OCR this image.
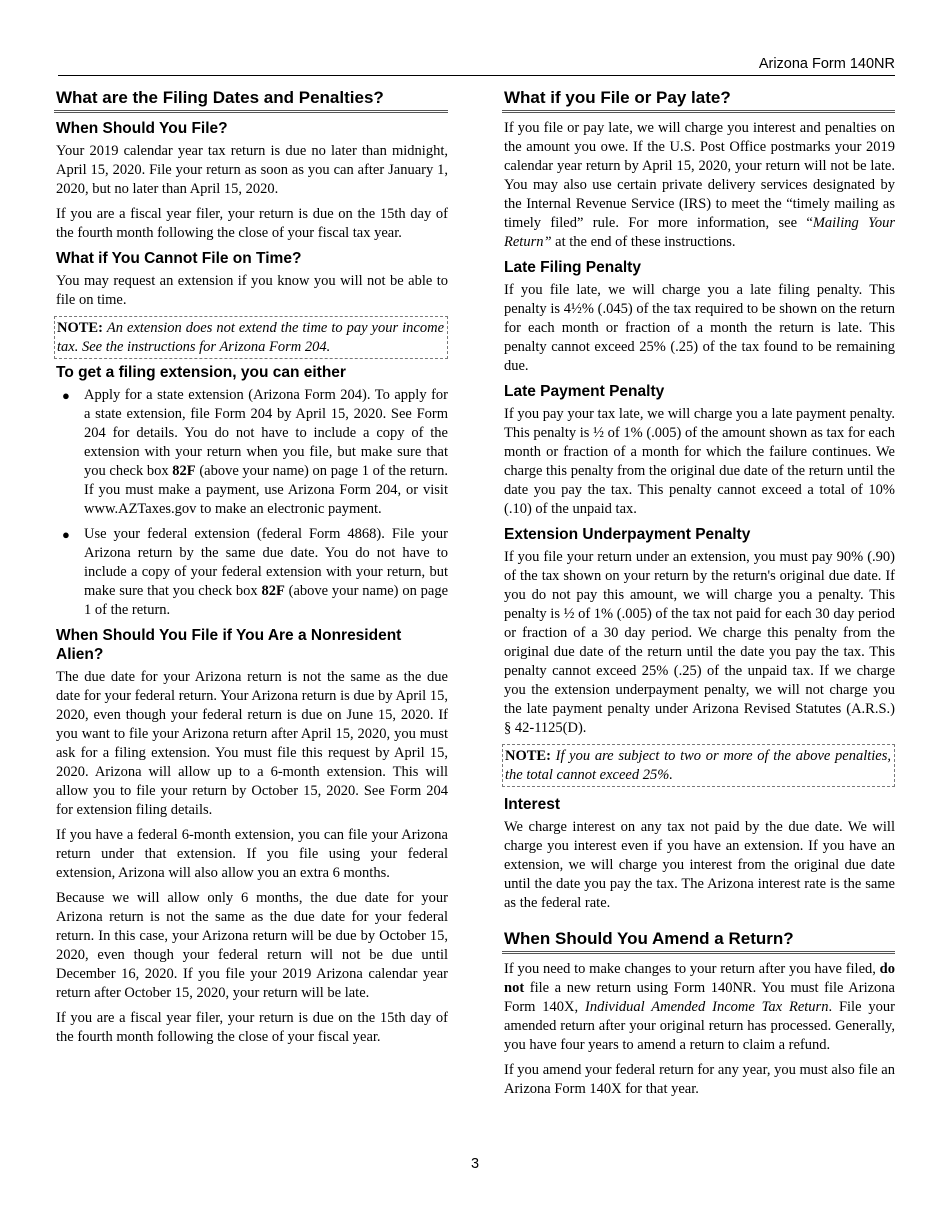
Arizona Form 140NR
What are the Filing Dates and Penalties?
When Should You File?

Your 2019 calendar year tax return is due no later than midnight, April 15, 2020. File your return as soon as you can after January 1, 2020, but no later than April 15, 2020.

If you are a fiscal year filer, your return is due on the 15th day of the fourth month following the close of your fiscal tax year.

What if You Cannot File on Time?

You may request an extension if you know you will not be able to file on time.

NOTE: An extension does not extend the time to pay your income tax. See the instructions for Arizona Form 204.
To get a filing extension, you can either
● Apply for a state extension (Arizona Form 204). To apply for a state extension, file Form 204 by April 15, 2020. See Form 204 for details. You do not have to include a copy of the extension with your return when you file, but make sure that you check box 82F (above your name) on page 1 of the return. If you must make a payment, use Arizona Form 204, or visit www.AZTaxes.gov to make an electronic payment.
● Use your federal extension (federal Form 4868). File your Arizona return by the same due date. You do not have to include a copy of your federal extension with your return, but make sure that you check box 82F (above your name) on page 1 of the return.
When Should You File if You Are a Nonresident Alien?

The due date for your Arizona return is not the same as the due date for your federal return. Your Arizona return is due by April 15, 2020, even though your federal return is due on June 15, 2020. If you want to file your Arizona return after April 15, 2020, you must ask for a filing extension. You must file this request by April 15, 2020. Arizona will allow up to a 6-month extension. This will allow you to file your return by October 15, 2020. See Form 204 for extension filing details.

If you have a federal 6-month extension, you can file your Arizona return under that extension. If you file using your federal extension, Arizona will also allow you an extra 6 months.

Because we will allow only 6 months, the due date for your Arizona return is not the same as the due date for your federal return. In this case, your Arizona return will be due by October 15, 2020, even though your federal return will not be due until December 16, 2020. If you file your 2019 Arizona calendar year return after October 15, 2020, your return will be late.

If you are a fiscal year filer, your return is due on the 15th day of the fourth month following the close of your fiscal year.

What if you File or Pay late?

If you file or pay late, we will charge you interest and penalties on the amount you owe. If the U.S. Post Office postmarks your 2019 calendar year return by April 15, 2020, your return will not be late. You may also use certain private delivery services designated by the Internal Revenue Service (IRS) to meet the “timely mailing as timely filed” rule. For more information, see “Mailing Your Return” at the end of these instructions.

Late Filing Penalty

If you file late, we will charge you a late filing penalty. This penalty is 4½% (.045) of the tax required to be shown on the return for each month or fraction of a month the return is late. This penalty cannot exceed 25% (.25) of the tax found to be remaining due.

Late Payment Penalty

If you pay your tax late, we will charge you a late payment penalty. This penalty is ½ of 1% (.005) of the amount shown as tax for each month or fraction of a month for which the failure continues. We charge this penalty from the original due date of the return until the date you pay the tax. This penalty cannot exceed a total of 10% (.10) of the unpaid tax.

Extension Underpayment Penalty

If you file your return under an extension, you must pay 90% (.90) of the tax shown on your return by the return's original due date. If you do not pay this amount, we will charge you a penalty. This penalty is ½ of 1% (.005) of the tax not paid for each 30 day period or fraction of a 30 day period. We charge this penalty from the original due date of the return until the date you pay the tax. This penalty cannot exceed 25% (.25) of the unpaid tax. If we charge you the extension underpayment penalty, we will not charge you the late payment penalty under Arizona Revised Statutes (A.R.S.) § 42-1125(D).

NOTE: If you are subject to two or more of the above penalties, the total cannot exceed 25%.
Interest

We charge interest on any tax not paid by the due date. We will charge you interest even if you have an extension. If you have an extension, we will charge you interest from the original due date until the date you pay the tax. The Arizona interest rate is the same as the federal rate.

When Should You Amend a Return?

If you need to make changes to your return after you have filed, do not file a new return using Form 140NR. You must file Arizona Form 140X, Individual Amended Income Tax Return. File your amended return after your original return has processed. Generally, you have four years to amend a return to claim a refund.

If you amend your federal return for any year, you must also file an Arizona Form 140X for that year.

3
